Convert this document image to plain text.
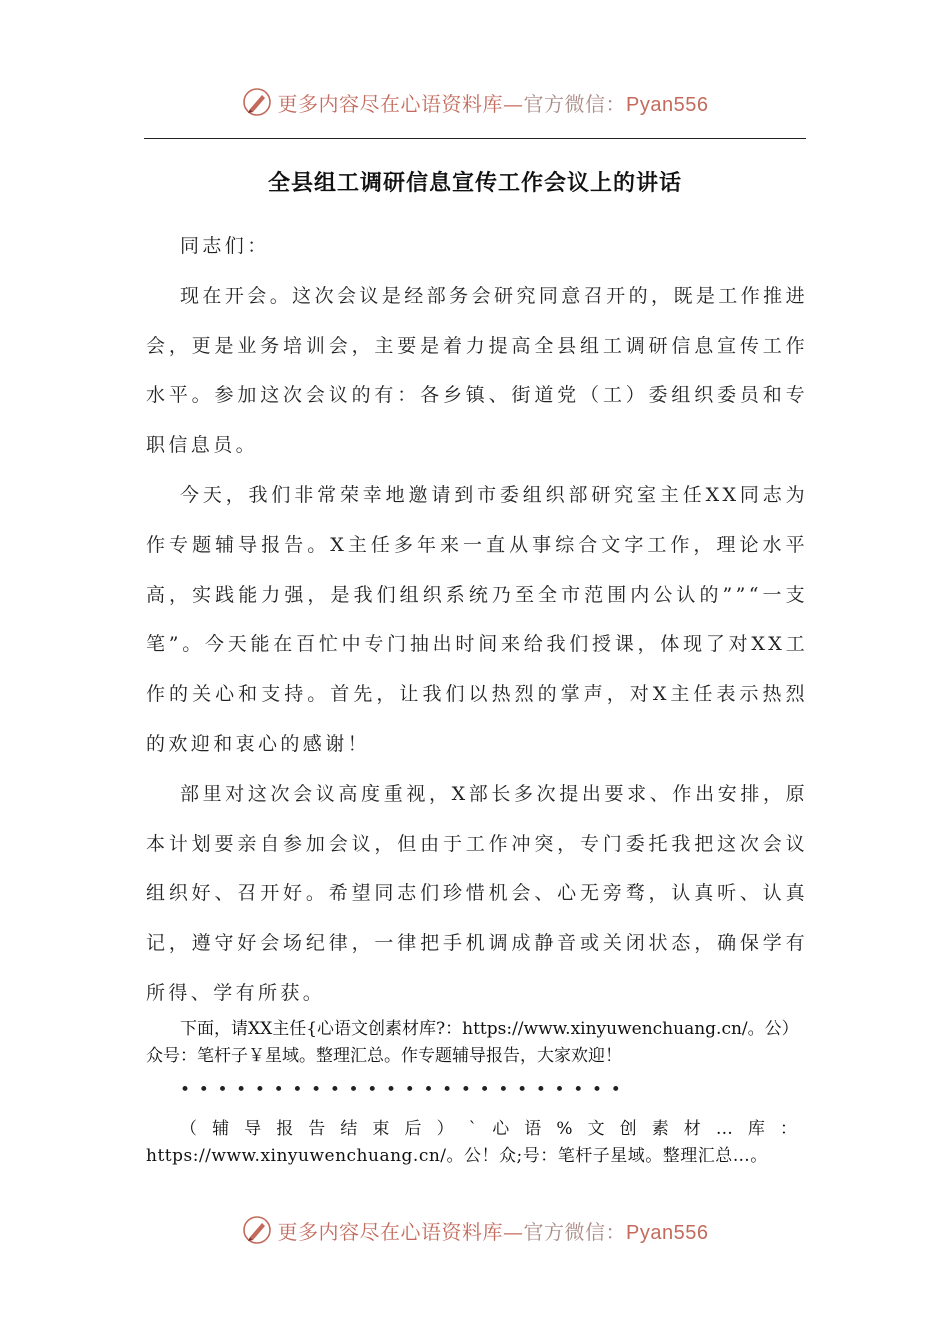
更多内容尽在心语资料库—官方微信：Pyan556
全县组工调研信息宣传工作会议上的讲话

同志们：

现在开会。这次会议是经部务会研究同意召开的，既是工作推进会，更是业务培训会，主要是着力提高全县组工调研信息宣传工作水平。参加这次会议的有：各乡镇、街道党（工）委组织委员和专职信息员。

今天，我们非常荣幸地邀请到市委组织部研究室主任XX同志为作专题辅导报告。X主任多年来一直从事综合文字工作，理论水平高，实践能力强，是我们组织系统乃至全市范围内公认的””“一支笔”。今天能在百忙中专门抽出时间来给我们授课，体现了对XX工作的关心和支持。首先，让我们以热烈的掌声，对X主任表示热烈的欢迎和衷心的感谢！

部里对这次会议高度重视，X部长多次提出要求、作出安排，原本计划要亲自参加会议，但由于工作冲突，专门委托我把这次会议组织好、召开好。希望同志们珍惜机会、心无旁骛，认真听、认真记，遵守好会场纪律，一律把手机调成静音或关闭状态，确保学有所得、学有所获。

下面，请XX主任{心语文创素材库?：https://www.xinyuwenchuang.cn/。公）众号：笔杆子￥星域。整理汇总。作专题辅导报告，大家欢迎！

••••••••••••••••••••••••

（辅导报告结束后）`心语%文创素材…库：https://www.xinyuwenchuang.cn/。公！众;号：笔杆子星域。整理汇总…。

更多内容尽在心语资料库—官方微信：Pyan556
